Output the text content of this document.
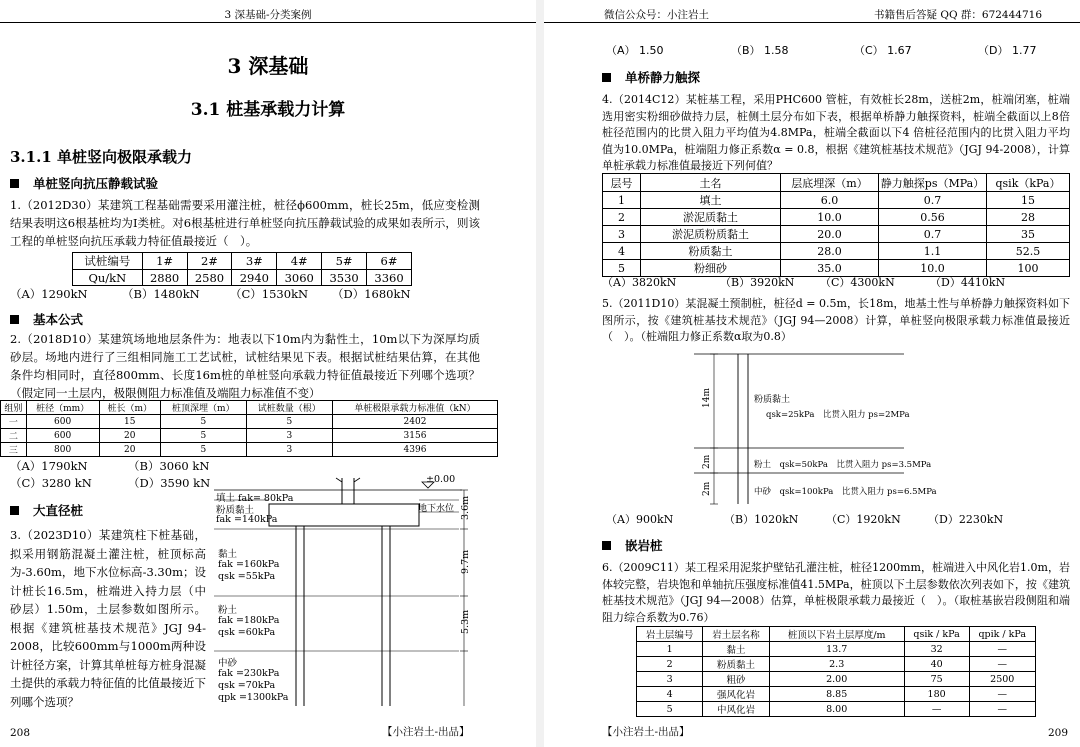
3 深基础-分类案例
3 深基础
3.1 桩基承载力计算
3.1.1 单桩竖向极限承载力
单桩竖向抗压静载试验
1.（2012D30）某建筑工程基础需要采用灌注桩，桩径ϕ600mm，桩长25m，低应变检测结果表明这6根基桩均为Ⅰ类桩。对6根基桩进行单桩竖向抗压静载试验的成果如表所示，则该工程的单桩竖向抗压承载力特征值最接近（　）。
试桩编号	1#	2#	3#	4#	5#	6#
Qu/kN	2880	2580	2940	3060	3530	3360
（A）1290kN	（B）1480kN	（C）1530kN （D）1680kN
基本公式
2.（2018D10）某建筑场地地层条件为：地表以下10m内为黏性土，10m以下为深厚均质砂层。场地内进行了三组相同施工工艺试桩，试桩结果见下表。根据试桩结果估算，在其他条件均相同时，直径800mm、长度16m桩的单桩竖向承载力特征值最接近下列哪个选项？（假定同一土层内，极限侧阻力标准值及端阻力标准值不变）
组别	桩径（mm）	桩长（m）	桩顶深埋（m）	试桩数量（根）	单桩极限承载力标准值（kN）
一	600	15	5	5	2402
二	600	20	5	3	3156
三	800	20	5	3	4396
（A）1790kN	（B）3060 kN
（C）3280 kN	（D）3590 kN
大直径桩
3.（2023D10）某建筑柱下桩基础，拟采用钢筋混凝土灌注桩，桩顶标高为-3.60m，地下水位标高-3.30m；设计桩长16.5m，桩端进入持力层（中砂层）1.50m，土层参数如图所示。根据《建筑桩基技术规范》JGJ 94- 2008，比较600mm与1000m两种设计桩径方案，计算其单桩每方桩身混凝土提供的承载力特征值的比值最接近下列哪个选项？
±0.00
填土 fak= 80kPa
粉质黏土
fak =140kPa
地下水位
黏土
fak =160kPa
qsk =55kPa
粉土
fak =180kPa
qsk =60kPa
中砂
fak =230kPa
qsk =70kPa
qpk =1300kPa
3.6m
9.7m
5.3m
208	【小注岩土-出品】
微信公众号：小注岩土	书籍售后答疑 QQ 群：672444716
（A） 1.50	（B） 1.58	（C） 1.67	（D） 1.77
单桥静力触探
4.（2014C12）某桩基工程，采用PHC600 管桩，有效桩长28m，送桩2m，桩端闭塞，桩端选用密实粉细砂做持力层，桩侧土层分布如下表，根据单桥静力触探资料，桩端全截面以上8倍桩径范围内的比贯入阻力平均值为4.8MPa，桩端全截面以下4 倍桩径范围内的比贯入阻力平均值为10.0MPa，桩端阻力修正系数α = 0.8，根据《建筑桩基技术规范》（JGJ 94-2008），计算单桩承载力标准值最接近下列何值？
层号	土名	层底埋深（m）	静力触探ps（MPa）	qsik（kPa）
1	填土	6.0	0.7	15
2	淤泥质黏土	10.0	0.56	28
3	淤泥质粉质黏土	20.0	0.7	35
4	粉质黏土	28.0	1.1	52.5
5	粉细砂	35.0	10.0	100
（A）3820kN	（B）3920kN （C）4300kN	（D）4410kN
5.（2011D10）某混凝土预制桩，桩径d = 0.5m，长18m，地基土性与单桥静力触探资料如下图所示，按《建筑桩基技术规范》（JGJ 94—2008）计算，单桩竖向极限承载力标准值最接近（　）。（桩端阻力修正系数α取为0.8）
14m
2m
2m
粉质黏土
qsk=25kPa　比贯入阻力 ps=2MPa
粉土　qsk=50kPa　比贯入阻力 ps=3.5MPa
中砂　qsk=100kPa　比贯入阻力 ps=6.5MPa
（A）900kN	（B）1020kN	（C）1920kN （D）2230kN
嵌岩桩
6.（2009C11）某工程采用泥浆护壁钻孔灌注桩，桩径1200mm，桩端进入中风化岩1.0m，岩体较完整，岩块饱和单轴抗压强度标准值41.5MPa，桩顶以下土层参数依次列表如下，按《建筑桩基技术规范》（JGJ 94—2008）估算，单桩极限承载力最接近（　）。（取桩基嵌岩段侧阻和端阻力综合系数为0.76）
岩土层编号	岩土层名称	桩顶以下岩土层厚度/m	qsik / kPa	qpik / kPa
1	黏土	13.7	32	—
2	粉质黏土	2.3	40	—
3	粗砂	2.00	75	2500
4	强风化岩	8.85	180	—
5	中风化岩	8.00	—	—
【小注岩土-出品】	209
